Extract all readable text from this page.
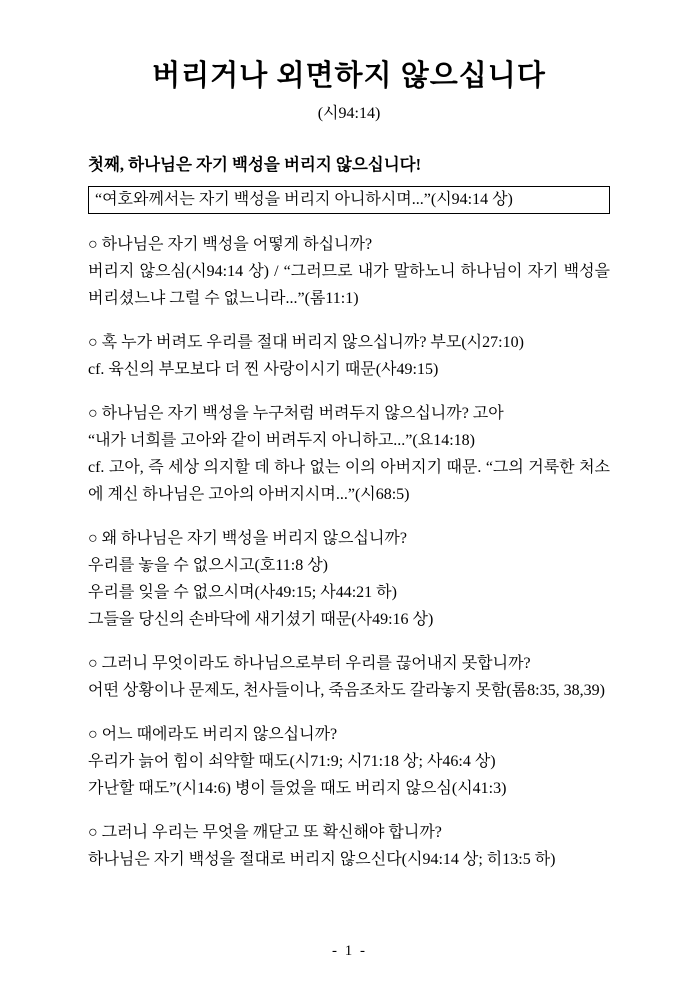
버리거나 외면하지 않으십니다
(시94:14)
첫째, 하나님은 자기 백성을 버리지 않으십니다!
“여호와께서는 자기 백성을 버리지 아니하시며...”(시94:14 상)
○ 하나님은 자기 백성을 어떻게 하십니까?
버리지 않으심(시94:14 상) / “그러므로 내가 말하노니 하나님이 자기 백성을 버리셨느냐 그럴 수 없느니라...”(롬11:1)
○ 혹 누가 버려도 우리를 절대 버리지 않으십니까? 부모(시27:10)
cf. 육신의 부모보다 더 찐 사랑이시기 때문(사49:15)
○ 하나님은 자기 백성을 누구처럼 버려두지 않으십니까? 고아
“내가 너희를 고아와 같이 버려두지 아니하고...”(요14:18)
cf. 고아, 즉 세상 의지할 데 하나 없는 이의 아버지기 때문. “그의 거룩한 처소에 계신 하나님은 고아의 아버지시며...”(시68:5)
○ 왜 하나님은 자기 백성을 버리지 않으십니까?
우리를 놓을 수 없으시고(호11:8 상)
우리를 잊을 수 없으시며(사49:15; 사44:21 하)
그들을 당신의 손바닥에 새기셨기 때문(사49:16 상)
○ 그러니 무엇이라도 하나님으로부터 우리를 끊어내지 못합니까?
어떤 상황이나 문제도, 천사들이나, 죽음조차도 갈라놓지 못함(롬8:35, 38,39)
○ 어느 때에라도 버리지 않으십니까?
우리가 늙어 힘이 쇠약할 때도(시71:9; 시71:18 상; 사46:4 상)
가난할 때도”(시14:6) 병이 들었을 때도 버리지 않으심(시41:3)
○ 그러니 우리는 무엇을 깨닫고 또 확신해야 합니까?
하나님은 자기 백성을 절대로 버리지 않으신다(시94:14 상; 히13:5 하)
- 1 -
